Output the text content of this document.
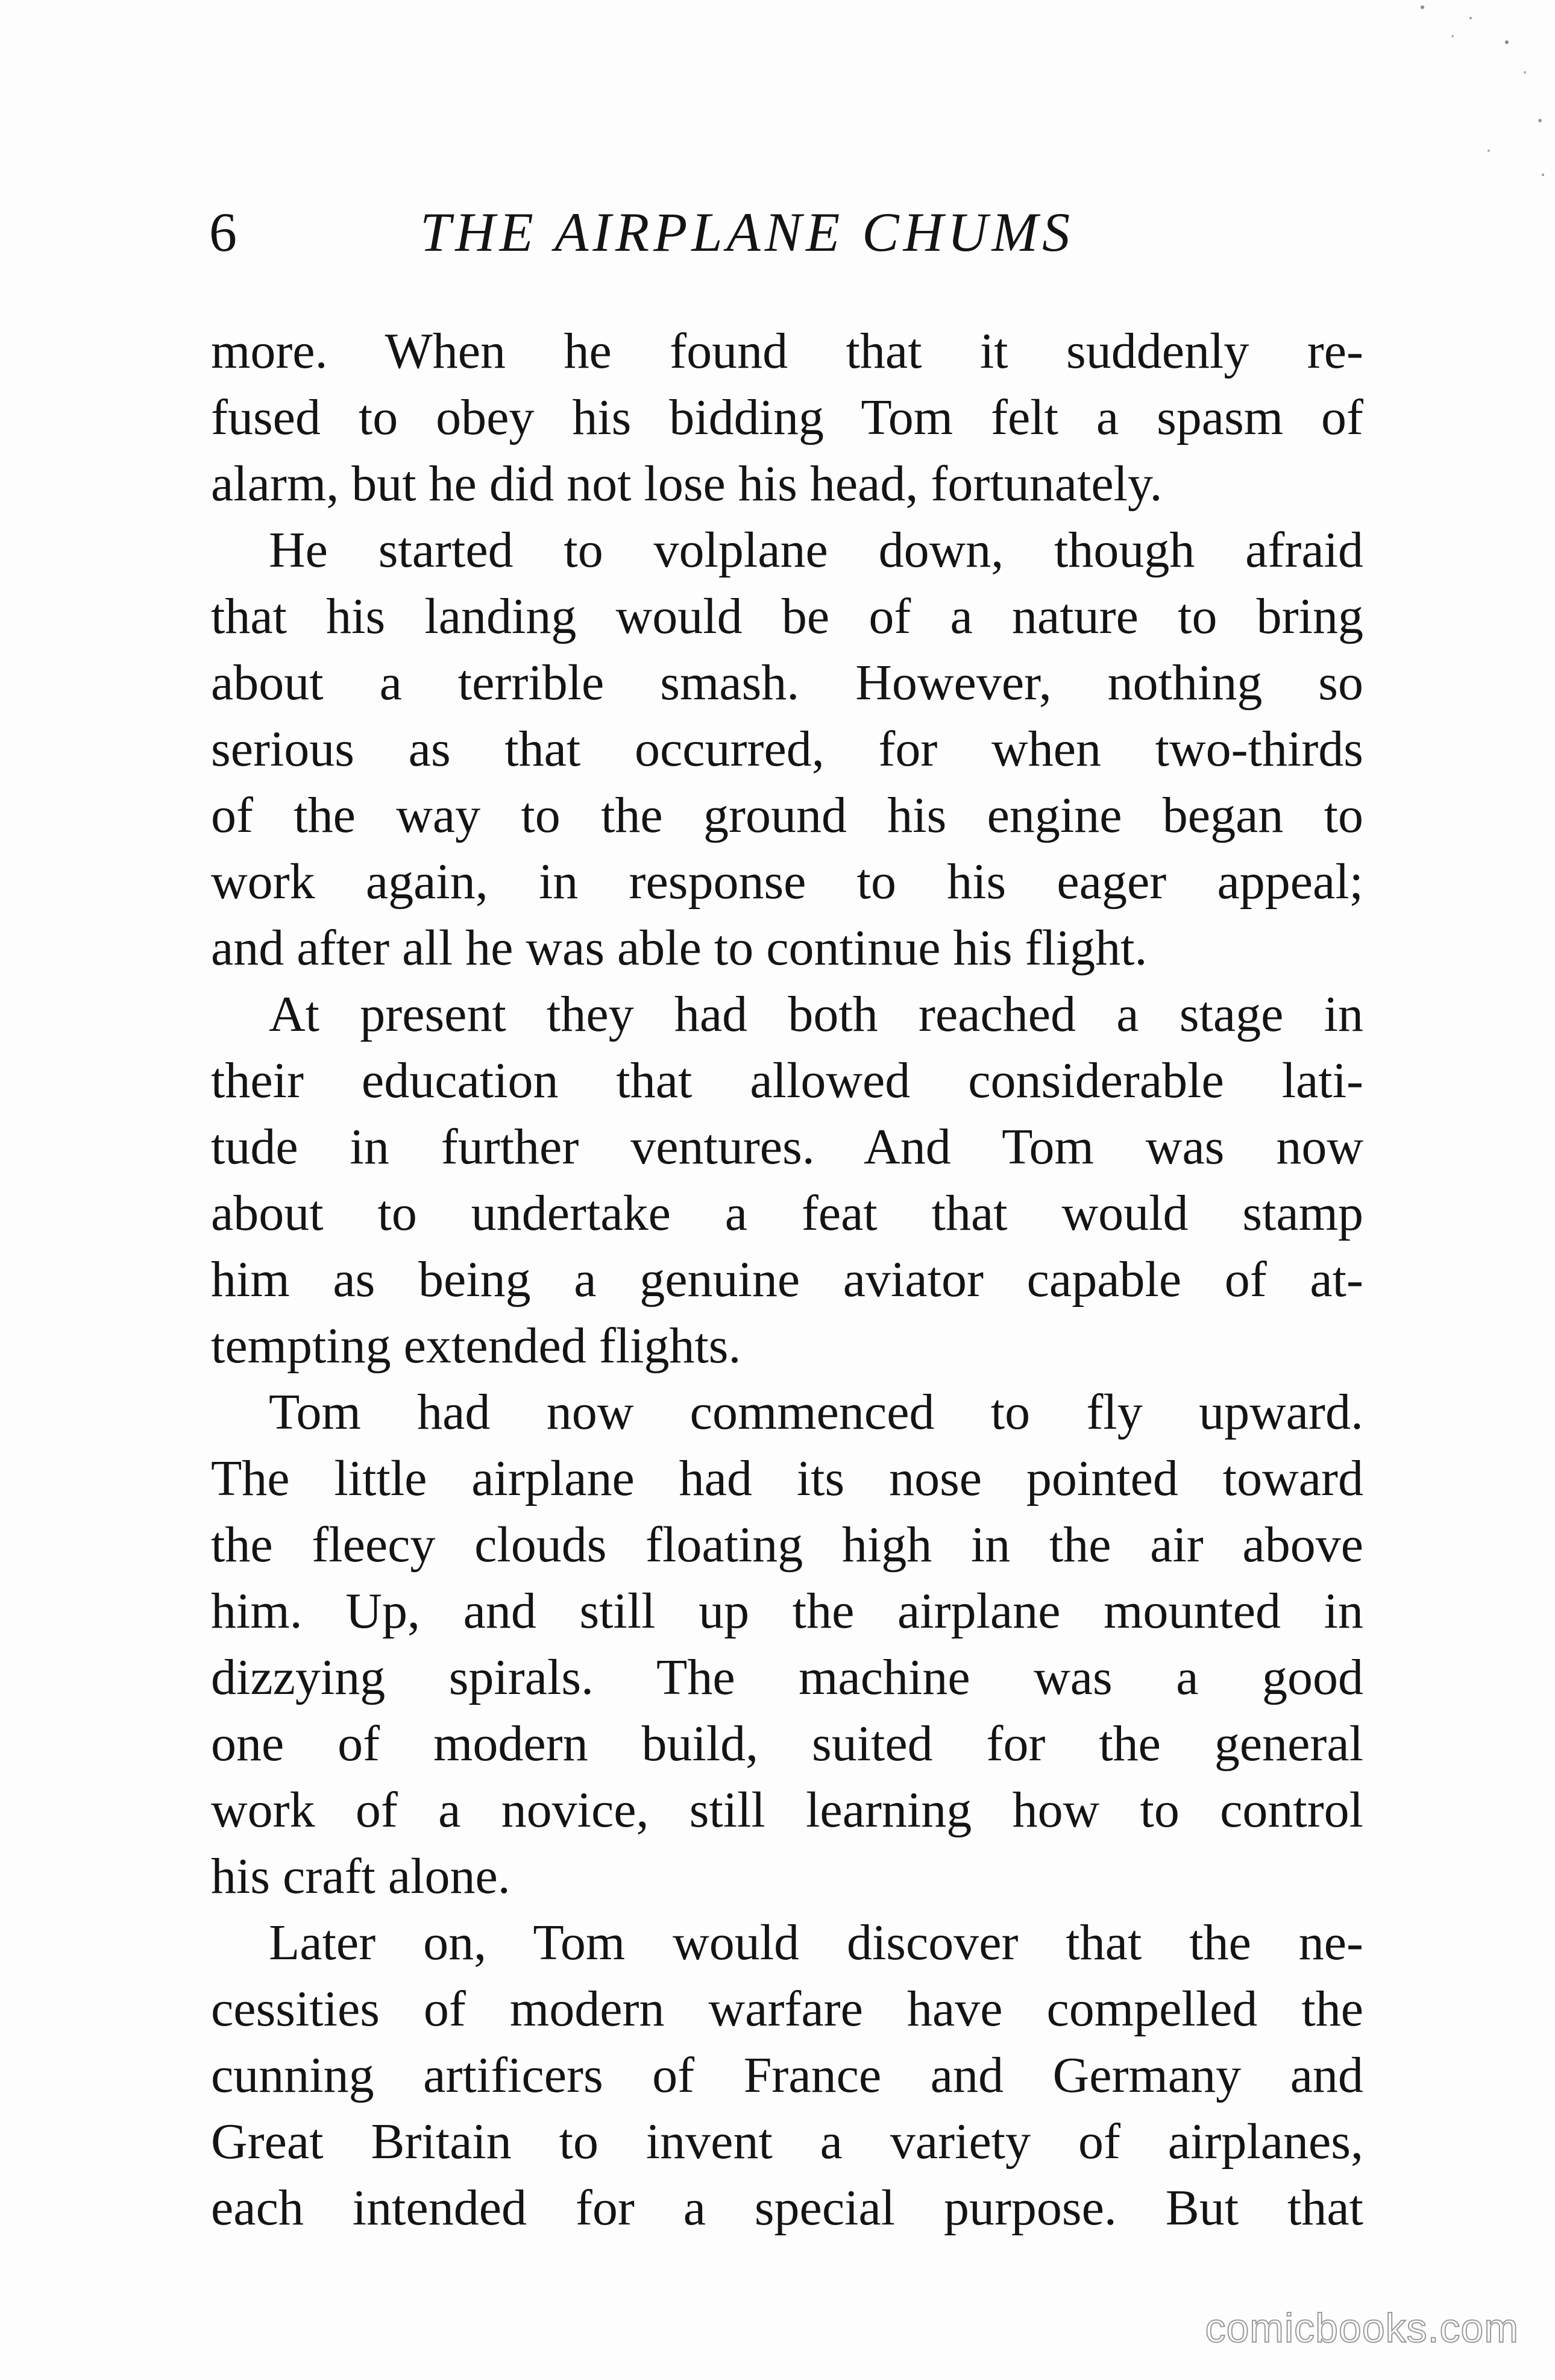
6	THE AIRPLANE CHUMS
more. When he found that it suddenly re-
fused to obey his bidding Tom felt a spasm of
alarm, but he did not lose his head, fortunately.
He started to volplane down, though afraid
that his landing would be of a nature to bring
about a terrible smash. However, nothing so
serious as that occurred, for when two-thirds
of the way to the ground his engine began to
work again, in response to his eager appeal;
and after all he was able to continue his flight.
At present they had both reached a stage in
their education that allowed considerable lati-
tude in further ventures. And Tom was now
about to undertake a feat that would stamp
him as being a genuine aviator capable of at-
tempting extended flights.
Tom had now commenced to fly upward.
The little airplane had its nose pointed toward
the fleecy clouds floating high in the air above
him. Up, and still up the airplane mounted in
dizzying spirals. The machine was a good
one of modern build, suited for the general
work of a novice, still learning how to control
his craft alone.
Later on, Tom would discover that the ne-
cessities of modern warfare have compelled the
cunning artificers of France and Germany and
Great Britain to invent a variety of airplanes,
each intended for a special purpose. But that
comicbooks.com
